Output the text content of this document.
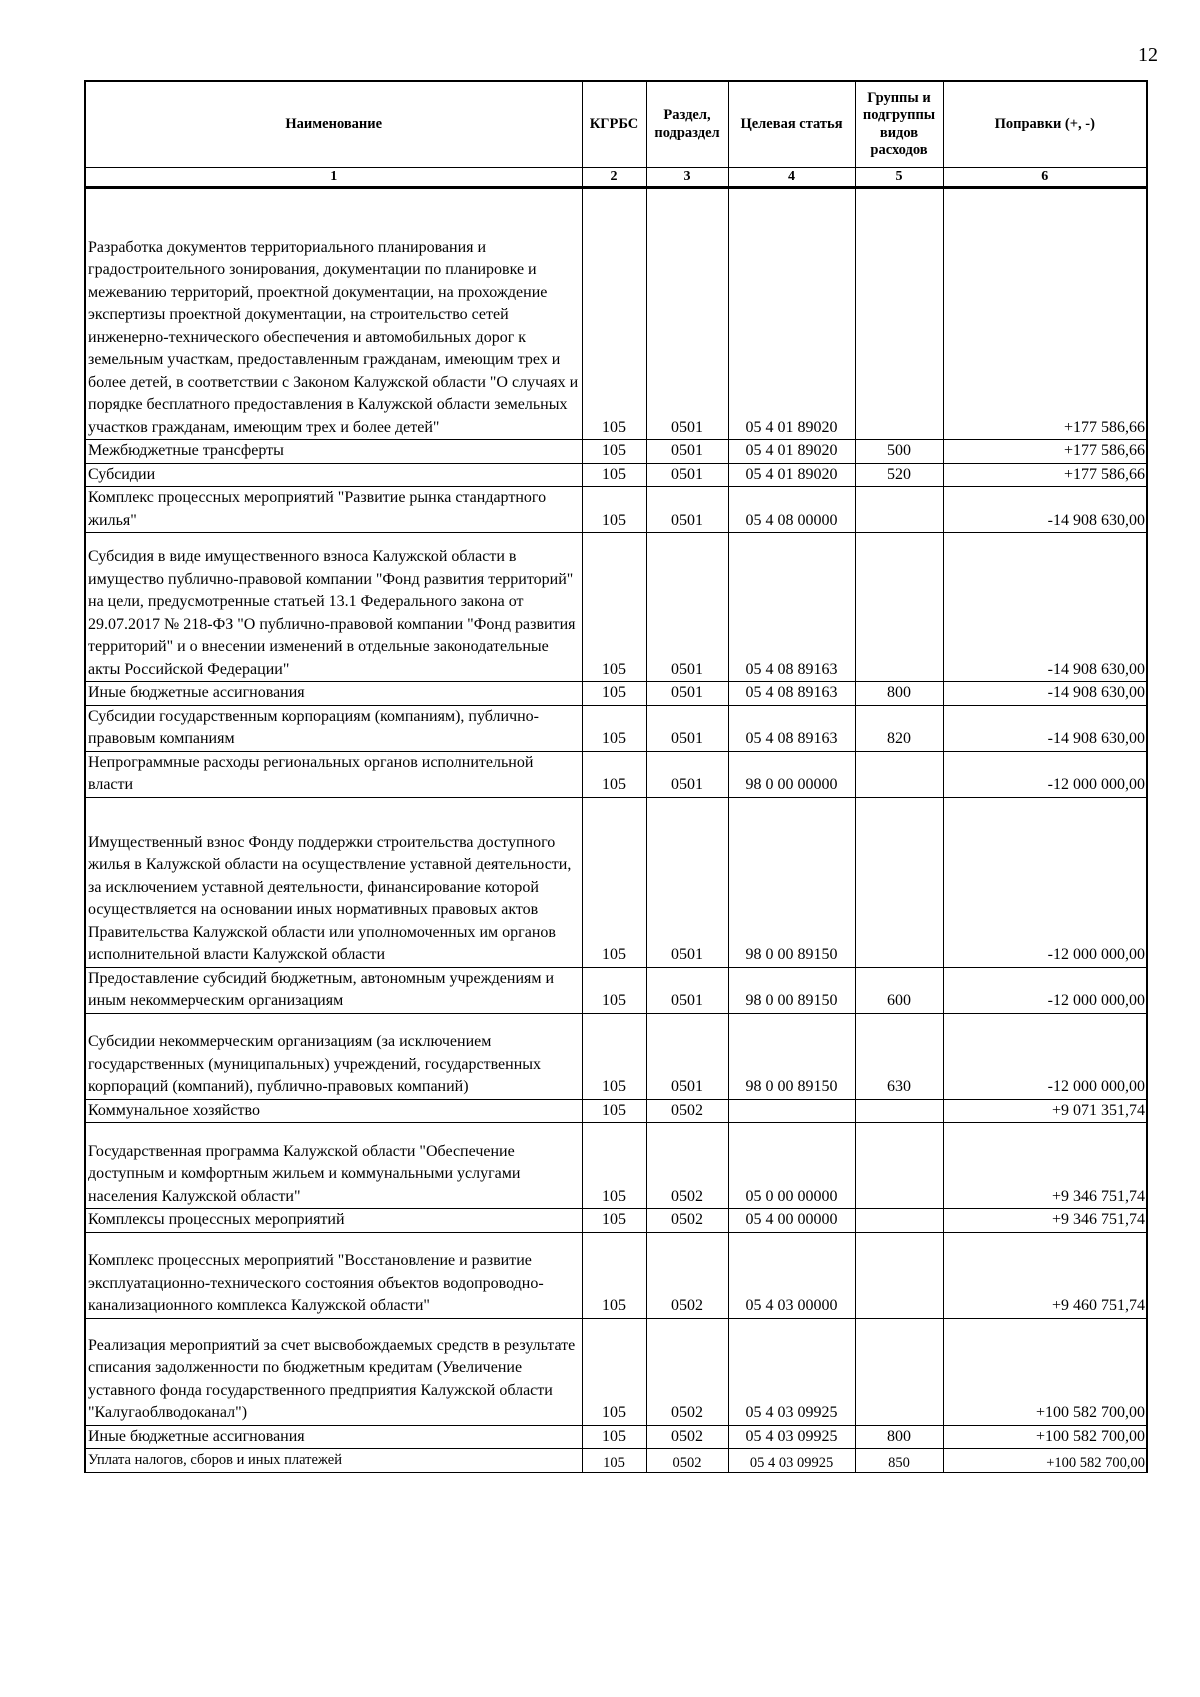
12
Наименование	КГРБС	Раздел, подраздел	Целевая статья	Группы и подгруппы видов расходов	Поправки (+, -)
1	2	3	4	5	6
Разработка документов территориального планирования и градостроительного зонирования, документации по планировке и межеванию территорий, проектной документации, на прохождение экспертизы проектной документации, на строительство сетей инженерно-технического обеспечения и автомобильных дорог к земельным участкам, предоставленным гражданам, имеющим трех и более детей, в соответствии с Законом Калужской области "О случаях и порядке бесплатного предоставления в Калужской области земельных участков гражданам, имеющим трех и более детей"	105	0501	05 4 01 89020		+177 586,66
Межбюджетные трансферты	105	0501	05 4 01 89020	500	+177 586,66
Субсидии	105	0501	05 4 01 89020	520	+177 586,66
Комплекс процессных мероприятий "Развитие рынка стандартного жилья"	105	0501	05 4 08 00000		-14 908 630,00
Субсидия в виде имущественного взноса Калужской области в имущество публично-правовой компании "Фонд развития территорий" на цели, предусмотренные статьей 13.1 Федерального закона от 29.07.2017 № 218-ФЗ "О публично-правовой компании "Фонд развития территорий" и о внесении изменений в отдельные законодательные акты Российской Федерации"	105	0501	05 4 08 89163		-14 908 630,00
Иные бюджетные ассигнования	105	0501	05 4 08 89163	800	-14 908 630,00
Субсидии государственным корпорациям (компаниям), публично-правовым компаниям	105	0501	05 4 08 89163	820	-14 908 630,00
Непрограммные расходы региональных органов исполнительной власти	105	0501	98 0 00 00000		-12 000 000,00
Имущественный взнос Фонду поддержки строительства доступного жилья в Калужской области на осуществление уставной деятельности, за исключением уставной деятельности, финансирование которой осуществляется на основании иных нормативных правовых актов Правительства Калужской области или уполномоченных им органов исполнительной власти Калужской области	105	0501	98 0 00 89150		-12 000 000,00
Предоставление субсидий бюджетным, автономным учреждениям и иным некоммерческим организациям	105	0501	98 0 00 89150	600	-12 000 000,00
Субсидии некоммерческим организациям (за исключением государственных (муниципальных) учреждений, государственных корпораций (компаний), публично-правовых компаний)	105	0501	98 0 00 89150	630	-12 000 000,00
Коммунальное хозяйство	105	0502			+9 071 351,74
Государственная программа Калужской области "Обеспечение доступным и комфортным жильем и коммунальными услугами населения Калужской области"	105	0502	05 0 00 00000		+9 346 751,74
Комплексы процессных мероприятий	105	0502	05 4 00 00000		+9 346 751,74
Комплекс процессных мероприятий "Восстановление и развитие эксплуатационно-технического состояния объектов водопроводно-канализационного комплекса Калужской области"	105	0502	05 4 03 00000		+9 460 751,74
Реализация мероприятий за счет высвобождаемых средств в результате списания задолженности по бюджетным кредитам (Увеличение уставного фонда государственного предприятия Калужской области "Калугаоблводоканал")	105	0502	05 4 03 09925		+100 582 700,00
Иные бюджетные ассигнования	105	0502	05 4 03 09925	800	+100 582 700,00
Уплата налогов, сборов и иных платежей	105	0502	05 4 03 09925	850	+100 582 700,00
